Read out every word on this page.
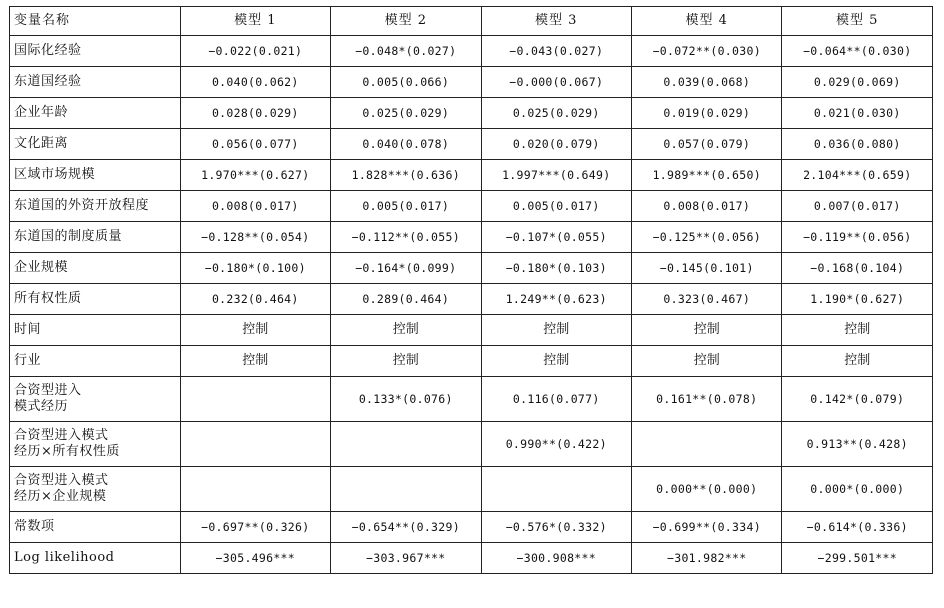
变量名称	模型 1	模型 2	模型 3	模型 4	模型 5
国际化经验	−0.022(0.021)	−0.048*(0.027)	−0.043(0.027)	−0.072**(0.030)	−0.064**(0.030)
东道国经验	0.040(0.062)	0.005(0.066)	−0.000(0.067)	0.039(0.068)	0.029(0.069)
企业年龄	0.028(0.029)	0.025(0.029)	0.025(0.029)	0.019(0.029)	0.021(0.030)
文化距离	0.056(0.077)	0.040(0.078)	0.020(0.079)	0.057(0.079)	0.036(0.080)
区域市场规模	1.970***(0.627)	1.828***(0.636)	1.997***(0.649)	1.989***(0.650)	2.104***(0.659)
东道国的外资开放程度	0.008(0.017)	0.005(0.017)	0.005(0.017)	0.008(0.017)	0.007(0.017)
东道国的制度质量	−0.128**(0.054)	−0.112**(0.055)	−0.107*(0.055)	−0.125**(0.056)	−0.119**(0.056)
企业规模	−0.180*(0.100)	−0.164*(0.099)	−0.180*(0.103)	−0.145(0.101)	−0.168(0.104)
所有权性质	0.232(0.464)	0.289(0.464)	1.249**(0.623)	0.323(0.467)	1.190*(0.627)
时间	控制	控制	控制	控制	控制
行业	控制	控制	控制	控制	控制

合资型进入
模式经历		0.133*(0.076)	0.116(0.077)	0.161**(0.078)	0.142*(0.079)

合资型进入模式
经历×所有权性质			0.990**(0.422)		0.913**(0.428)

合资型进入模式
经历×企业规模				0.000**(0.000)	0.000*(0.000)
常数项	−0.697**(0.326)	−0.654**(0.329)	−0.576*(0.332)	−0.699**(0.334)	−0.614*(0.336)
Log likelihood	−305.496***	−303.967***	−300.908***	−301.982***	−299.501***
